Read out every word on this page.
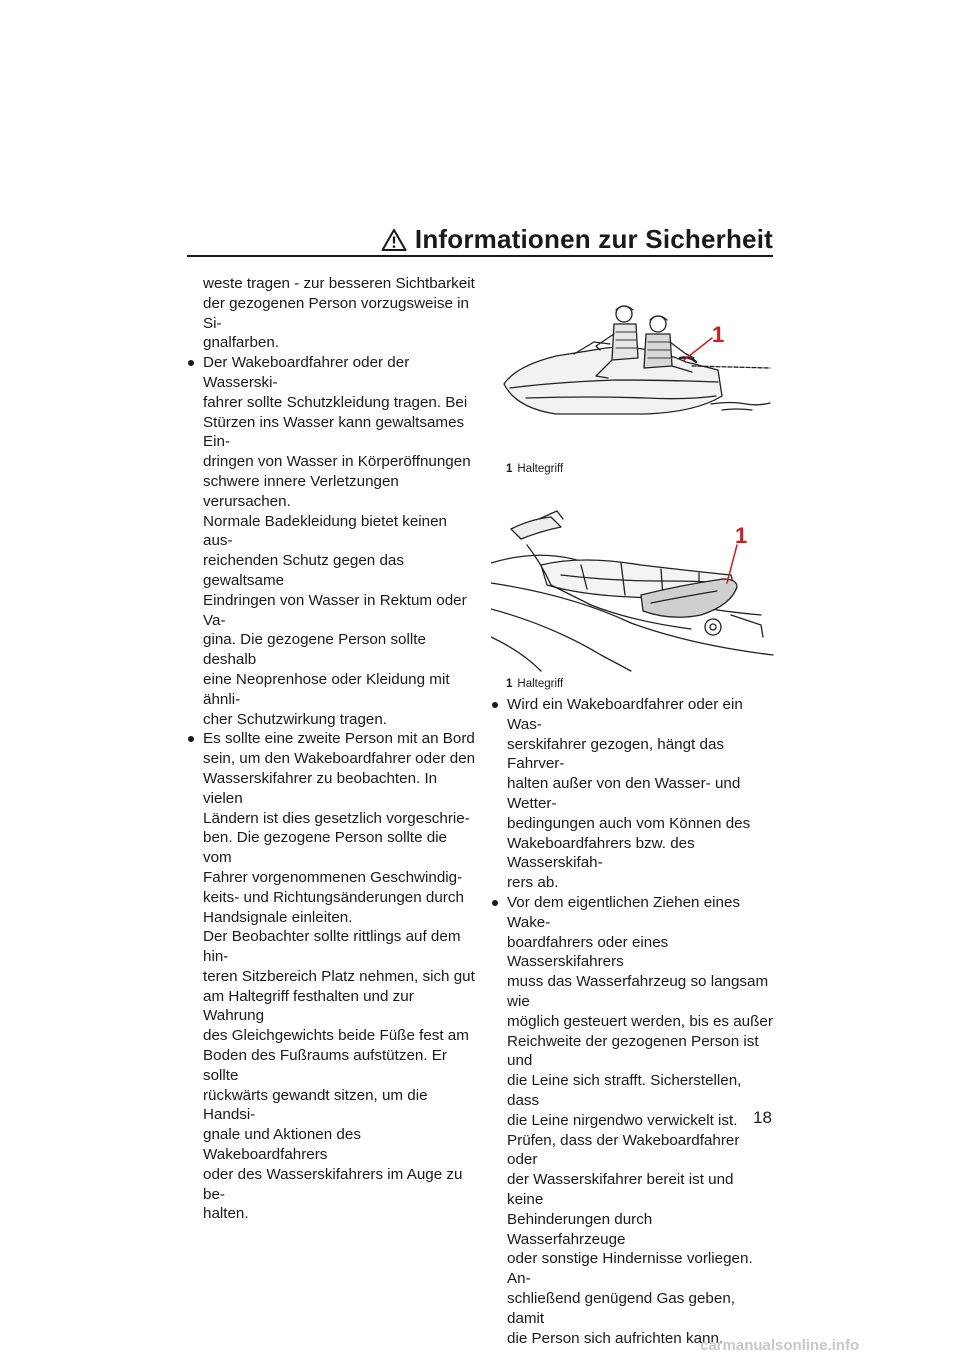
Informationen zur Sicherheit
weste tragen - zur besseren Sichtbarkeit
der gezogenen Person vorzugsweise in Si-
gnalfarben.
Der Wakeboardfahrer oder der Wasserski-
fahrer sollte Schutzkleidung tragen. Bei
Stürzen ins Wasser kann gewaltsames Ein-
dringen von Wasser in Körperöffnungen
schwere innere Verletzungen verursachen.
Normale Badekleidung bietet keinen aus-
reichenden Schutz gegen das gewaltsame
Eindringen von Wasser in Rektum oder Va-
gina. Die gezogene Person sollte deshalb
eine Neoprenhose oder Kleidung mit ähnli-
cher Schutzwirkung tragen.
Es sollte eine zweite Person mit an Bord
sein, um den Wakeboardfahrer oder den
Wasserskifahrer zu beobachten. In vielen
Ländern ist dies gesetzlich vorgeschrie-
ben. Die gezogene Person sollte die vom
Fahrer vorgenommenen Geschwindig-
keits- und Richtungsänderungen durch
Handsignale einleiten.
Der Beobachter sollte rittlings auf dem hin-
teren Sitzbereich Platz nehmen, sich gut
am Haltegriff festhalten und zur Wahrung
des Gleichgewichts beide Füße fest am
Boden des Fußraums aufstützen. Er sollte
rückwärts gewandt sitzen, um die Handsi-
gnale und Aktionen des Wakeboardfahrers
oder des Wasserskifahrers im Auge zu be-
halten.
1
1 Haltegriff
1
1 Haltegriff
Wird ein Wakeboardfahrer oder ein Was-
serskifahrer gezogen, hängt das Fahrver-
halten außer von den Wasser- und Wetter-
bedingungen auch vom Können des
Wakeboardfahrers bzw. des Wasserskifah-
rers ab.
Vor dem eigentlichen Ziehen eines Wake-
boardfahrers oder eines Wasserskifahrers
muss das Wasserfahrzeug so langsam wie
möglich gesteuert werden, bis es außer
Reichweite der gezogenen Person ist und
die Leine sich strafft. Sicherstellen, dass
die Leine nirgendwo verwickelt ist.
Prüfen, dass der Wakeboardfahrer oder
der Wasserskifahrer bereit ist und keine
Behinderungen durch Wasserfahrzeuge
oder sonstige Hindernisse vorliegen. An-
schließend genügend Gas geben, damit
die Person sich aufrichten kann.
18
carmanualsonline.info
